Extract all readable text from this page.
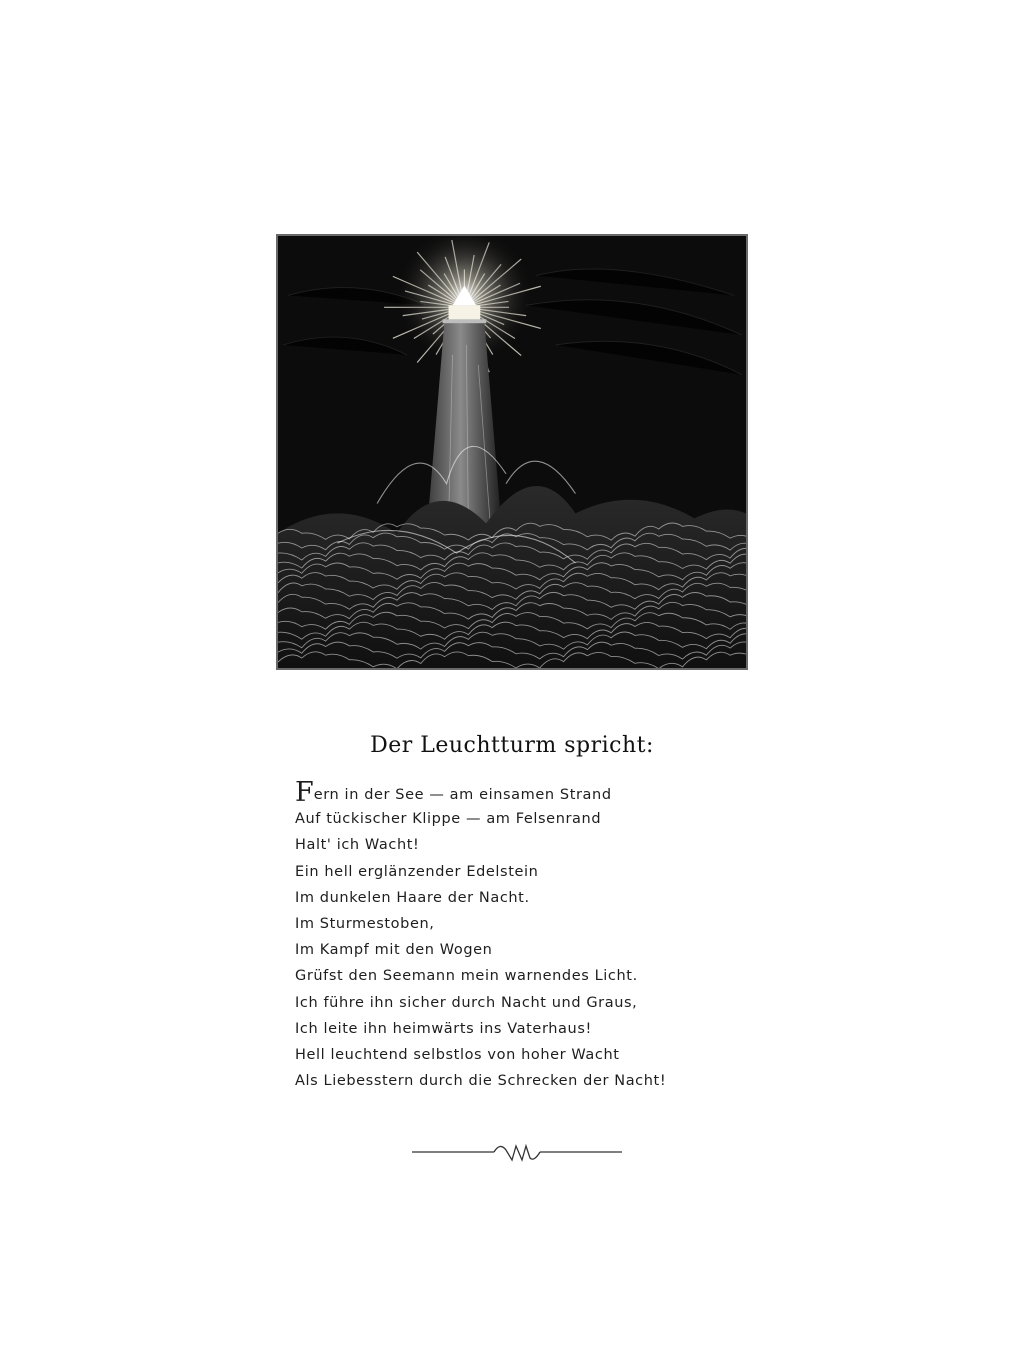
Der Leuchtturm spricht:
Fern in der See — am einsamen Strand
Auf tückischer Klippe — am Felsenrand
Halt' ich Wacht!
Ein hell erglänzender Edelstein
Im dunkelen Haare der Nacht.
Im Sturmestoben,
Im Kampf mit den Wogen
Grüfst den Seemann mein warnendes Licht.
Ich führe ihn sicher durch Nacht und Graus,
Ich leite ihn heimwärts ins Vaterhaus!
Hell leuchtend selbstlos von hoher Wacht
Als Liebesstern durch die Schrecken der Nacht!
